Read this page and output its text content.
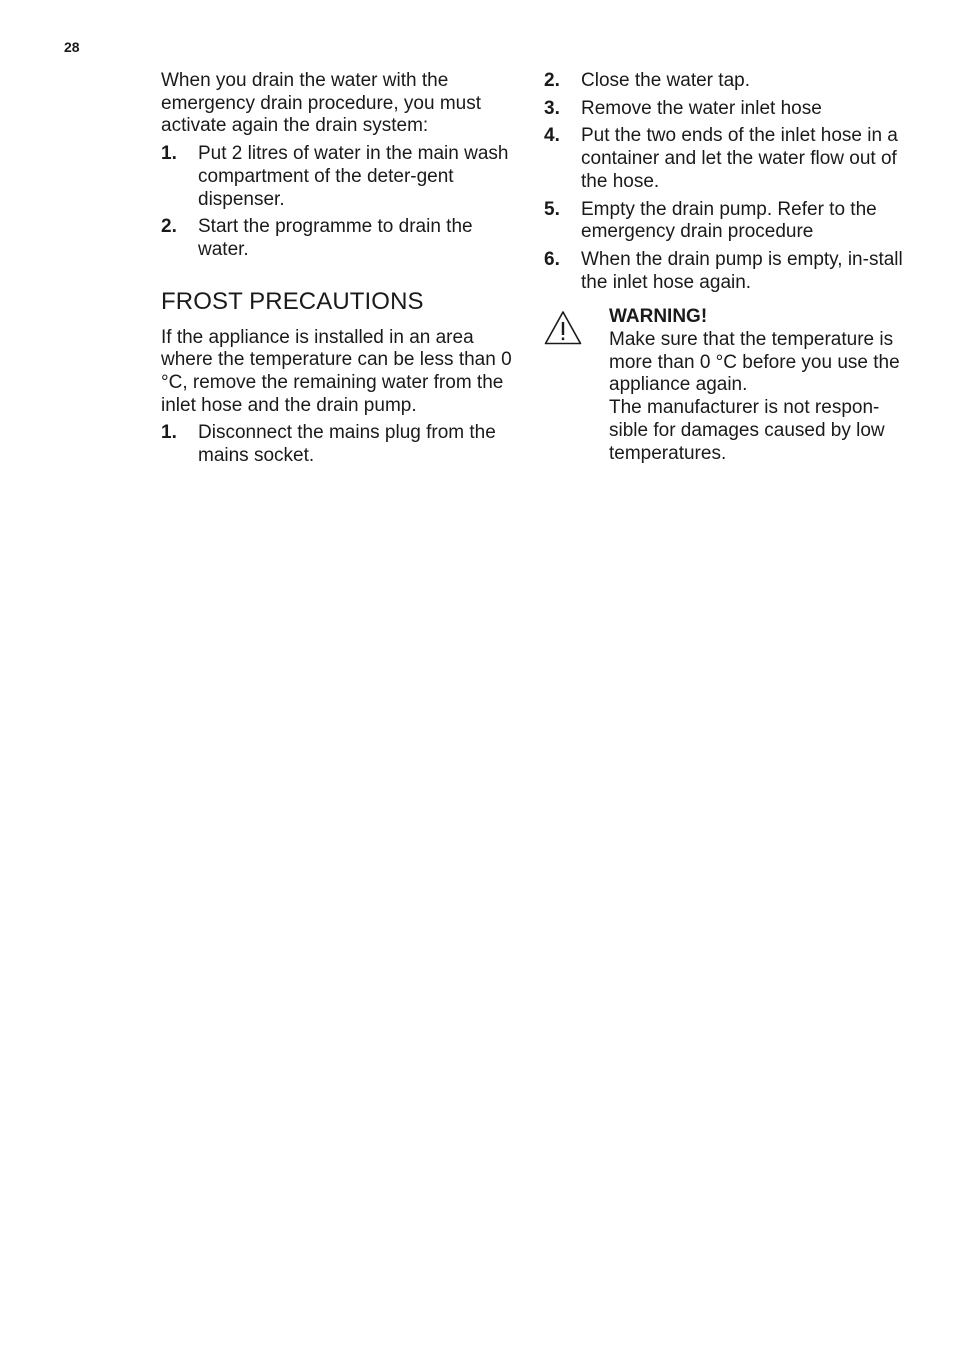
28

When you drain the water with the emergency drain procedure, you must activate again the drain system:

1. Put 2 litres of water in the main wash compartment of the deter-gent dispenser.
2. Start the programme to drain the water.
FROST PRECAUTIONS

If the appliance is installed in an area where the temperature can be less than 0 °C, remove the remaining water from the inlet hose and the drain pump.

1. Disconnect the mains plug from the mains socket.
2. Close the water tap.
3. Remove the water inlet hose
4. Put the two ends of the inlet hose in a container and let the water flow out of the hose.
5. Empty the drain pump. Refer to the emergency drain procedure
6. When the drain pump is empty, in-stall the inlet hose again.
WARNING!

Make sure that the temperature is more than 0 °C before you use the appliance again.

The manufacturer is not respon-sible for damages caused by low temperatures.
